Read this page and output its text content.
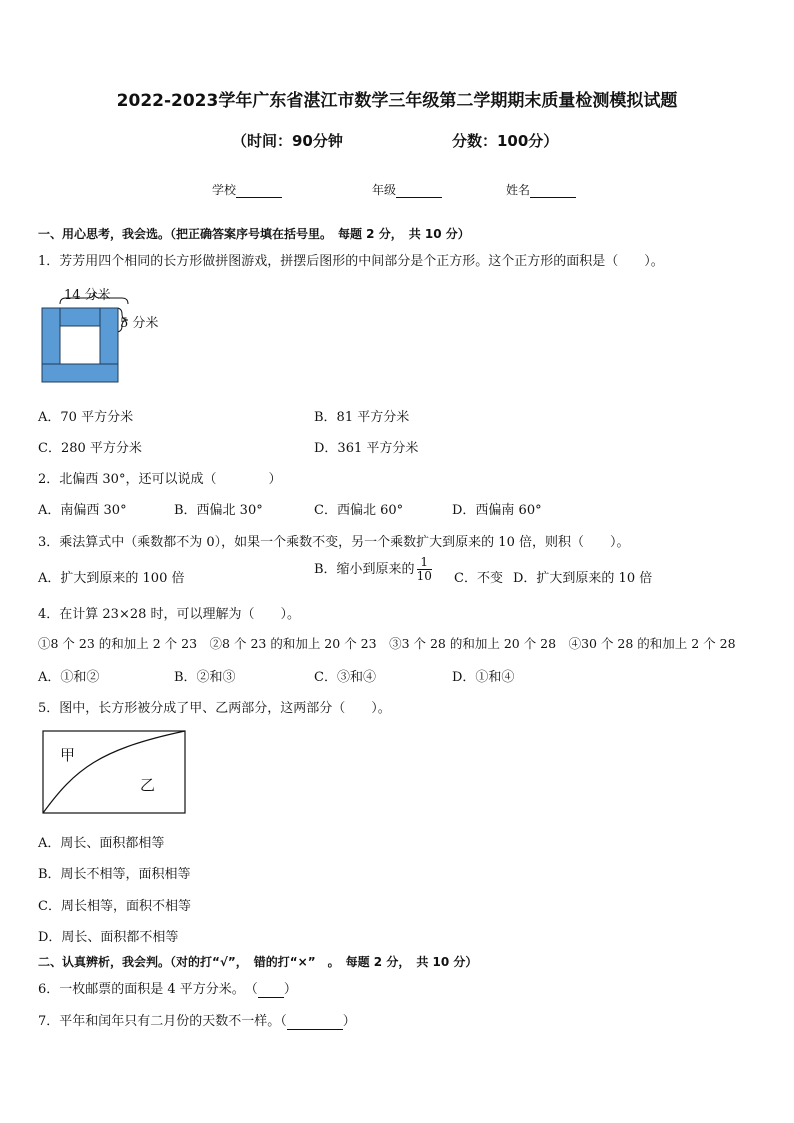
2022-2023学年广东省湛江市数学三年级第二学期期末质量检测模拟试题
（时间：90分钟	分数：100分）
学校	年级	姓名
一、用心思考，我会选。（把正确答案序号填在括号里。　每题 2 分，　共 10 分）
1．芳芳用四个相同的长方形做拼图游戏，拼摆后图形的中间部分是个正方形。这个正方形的面积是（　　）。
14 分米
5 分米
A．70 平方分米	B．81 平方分米
C．280 平方分米	D．361 平方分米
2．北偏西 30°，还可以说成（　　　　）
A．南偏西 30°	B．西偏北 30°	C．西偏北 60°	D．西偏南 60°
3．乘法算式中（乘数都不为 0），如果一个乘数不变，另一个乘数扩大到原来的 10 倍，则积（　　）。
A．扩大到原来的 100 倍
B．缩小到原来的 $\frac{1}{10}$ C．不变 D．扩大到原来的 10 倍
4．在计算 23×28 时，可以理解为（　　）。
①8 个 23 的和加上 2 个 23　②8 个 23 的和加上 20 个 23　③3 个 28 的和加上 20 个 28　④30 个 28 的和加上 2 个 28
A．①和②	B．②和③	C．③和④	D．①和④
5．图中，长方形被分成了甲、乙两部分，这两部分（　　）。
甲
乙
A．周长、面积都相等
B．周长不相等，面积相等
C．周长相等，面积不相等
D．周长、面积都不相等
二、认真辨析，我会判。（对的打“√”，　错的打“×”　。　每题 2 分，　共 10 分）
6．一枚邮票的面积是 4 平方分米。　（ ）
7．平年和闰年只有二月份的天数不一样。（	）
